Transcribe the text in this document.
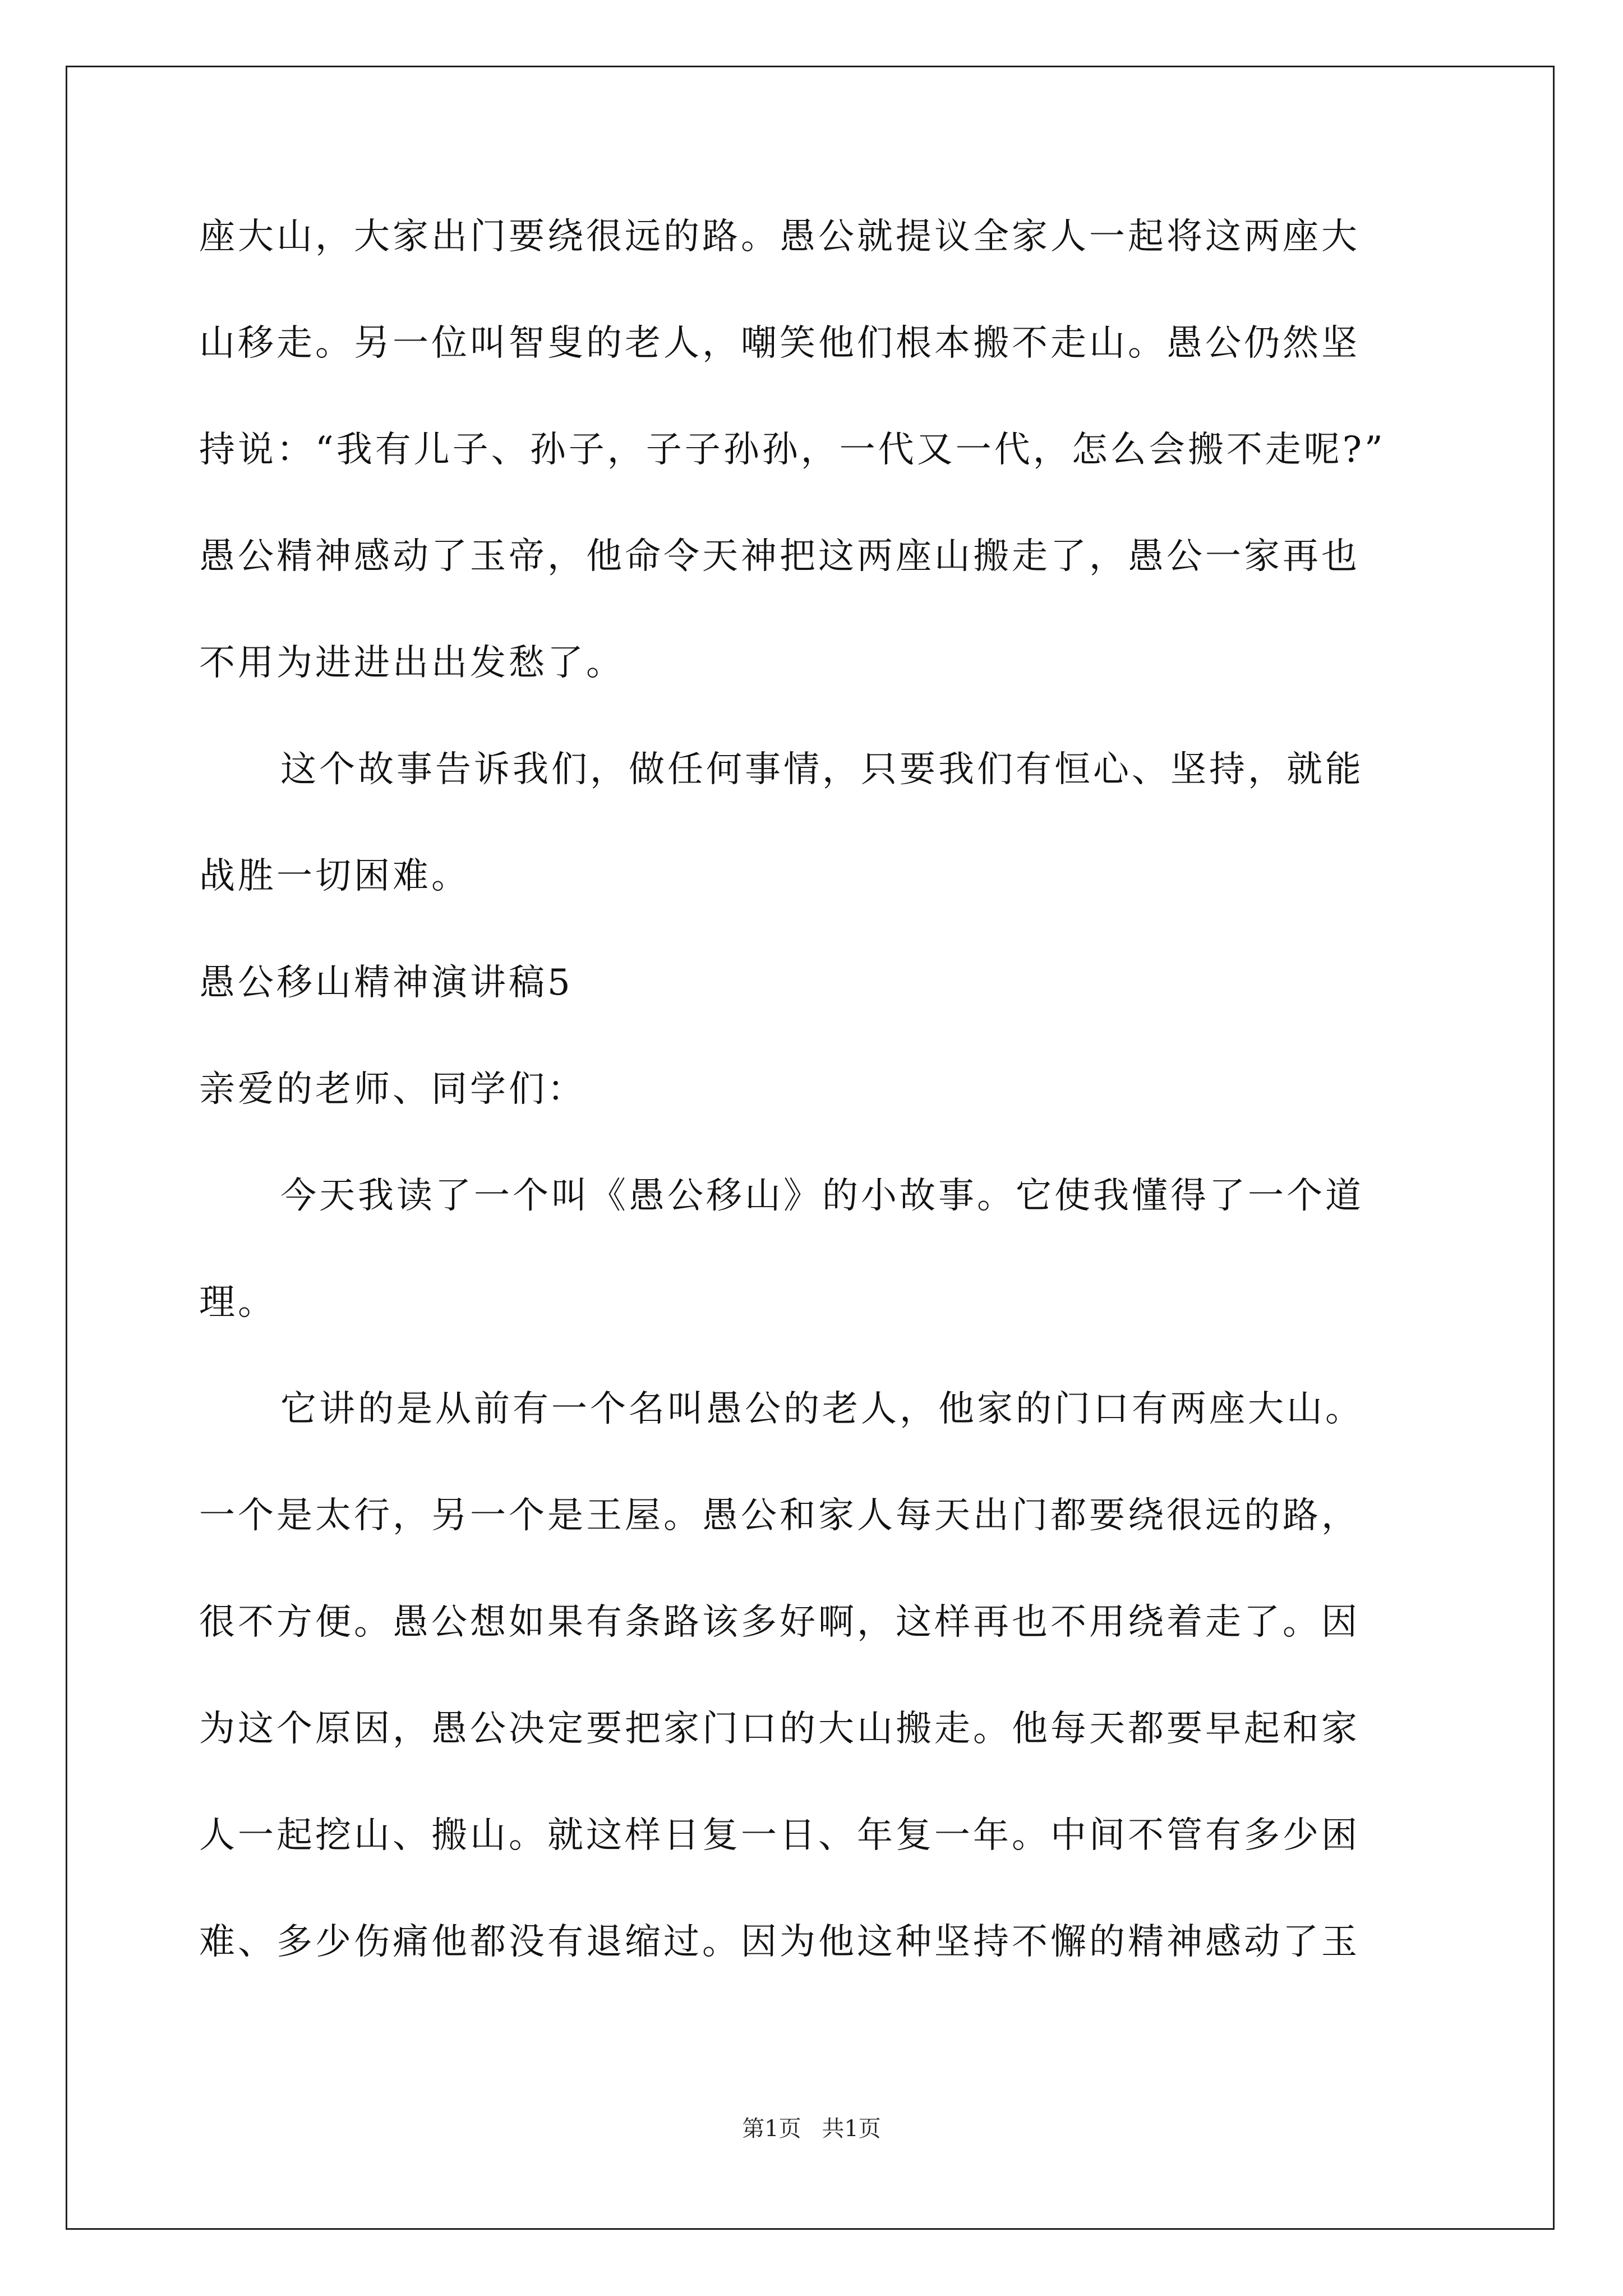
座大山，大家出门要绕很远的路。愚公就提议全家人一起将这两座大
山移走。另一位叫智叟的老人，嘲笑他们根本搬不走山。愚公仍然坚
持说：“我有儿子、孙子，子子孙孙，一代又一代，怎么会搬不走呢?”
愚公精神感动了玉帝，他命令天神把这两座山搬走了，愚公一家再也
不用为进进出出发愁了。
这个故事告诉我们，做任何事情，只要我们有恒心、坚持，就能
战胜一切困难。
愚公移山精神演讲稿5
亲爱的老师、同学们：
今天我读了一个叫《愚公移山》的小故事。它使我懂得了一个道
理。
它讲的是从前有一个名叫愚公的老人，他家的门口有两座大山。
一个是太行，另一个是王屋。愚公和家人每天出门都要绕很远的路，
很不方便。愚公想如果有条路该多好啊，这样再也不用绕着走了。因
为这个原因，愚公决定要把家门口的大山搬走。他每天都要早起和家
人一起挖山、搬山。就这样日复一日、年复一年。中间不管有多少困
难、多少伤痛他都没有退缩过。因为他这种坚持不懈的精神感动了玉
第1页 共1页
